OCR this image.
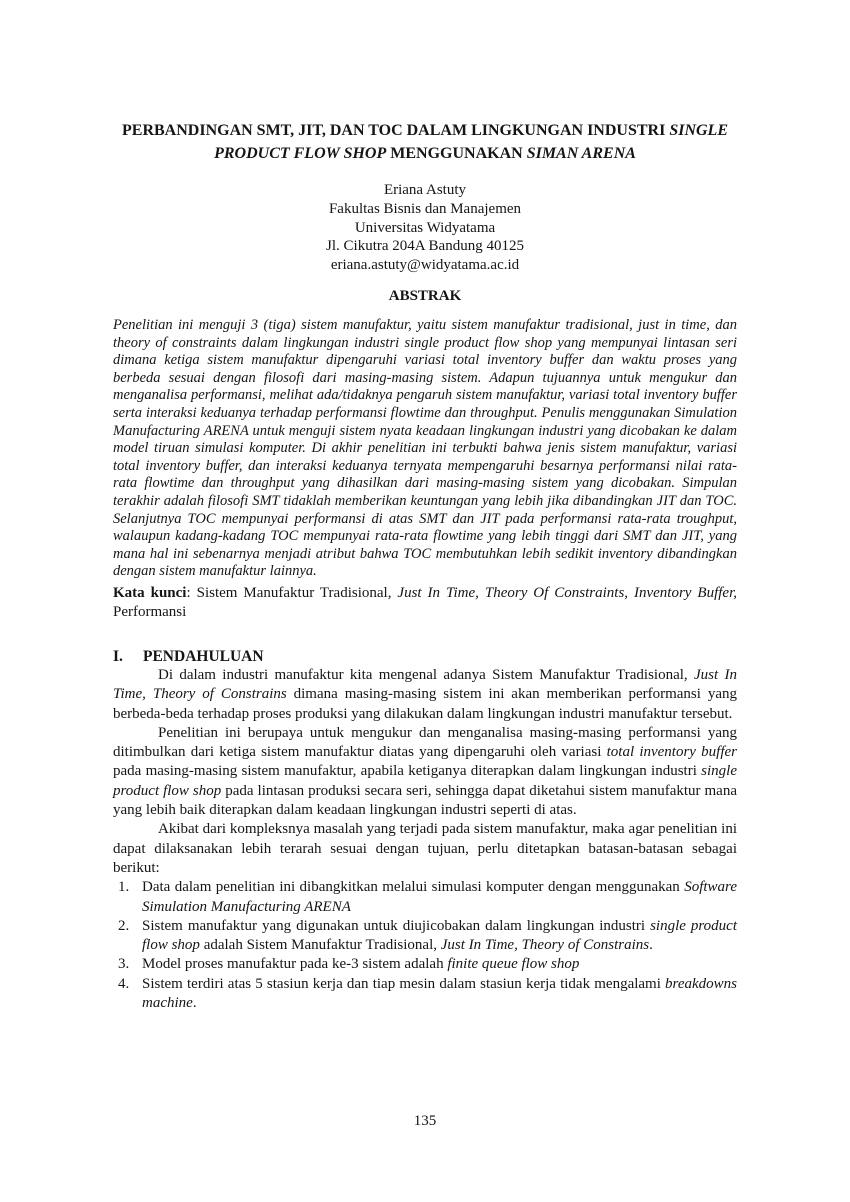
PERBANDINGAN SMT, JIT, DAN TOC DALAM LINGKUNGAN INDUSTRI SINGLE
PRODUCT FLOW SHOP MENGGUNAKAN SIMAN ARENA
Eriana Astuty
Fakultas Bisnis dan Manajemen
Universitas Widyatama
Jl. Cikutra 204A Bandung 40125
eriana.astuty@widyatama.ac.id
ABSTRAK
Penelitian ini menguji 3 (tiga) sistem manufaktur, yaitu sistem manufaktur tradisional, just in time, dan theory of constraints dalam lingkungan industri single product flow shop yang mempunyai lintasan seri dimana ketiga sistem manufaktur dipengaruhi variasi total inventory buffer dan waktu proses yang berbeda sesuai dengan filosofi dari masing-masing sistem. Adapun tujuannya untuk mengukur dan menganalisa performansi, melihat ada/tidaknya pengaruh sistem manufaktur, variasi total inventory buffer serta interaksi keduanya terhadap performansi flowtime dan throughput. Penulis menggunakan Simulation Manufacturing ARENA untuk menguji sistem nyata keadaan lingkungan industri yang dicobakan ke dalam model tiruan simulasi komputer. Di akhir penelitian ini terbukti bahwa jenis sistem manufaktur, variasi total inventory buffer, dan interaksi keduanya ternyata mempengaruhi besarnya performansi nilai rata-rata flowtime dan throughput yang dihasilkan dari masing-masing sistem yang dicobakan. Simpulan terakhir adalah filosofi SMT tidaklah memberikan keuntungan yang lebih jika dibandingkan JIT dan TOC. Selanjutnya TOC mempunyai performansi di atas SMT dan JIT pada performansi rata-rata troughput, walaupun kadang-kadang TOC mempunyai rata-rata flowtime yang lebih tinggi dari SMT dan JIT, yang mana hal ini sebenarnya menjadi atribut bahwa TOC membutuhkan lebih sedikit inventory dibandingkan dengan sistem manufaktur lainnya.
Kata kunci: Sistem Manufaktur Tradisional, Just In Time, Theory Of Constraints, Inventory Buffer, Performansi
I.	PENDAHULUAN

Di dalam industri manufaktur kita mengenal adanya Sistem Manufaktur Tradisional, Just In Time, Theory of Constrains dimana masing-masing sistem ini akan memberikan performansi yang berbeda-beda terhadap proses produksi yang dilakukan dalam lingkungan industri manufaktur tersebut.

Penelitian ini berupaya untuk mengukur dan menganalisa masing-masing performansi yang ditimbulkan dari ketiga sistem manufaktur diatas yang dipengaruhi oleh variasi total inventory buffer pada masing-masing sistem manufaktur, apabila ketiganya diterapkan dalam lingkungan industri single product flow shop pada lintasan produksi secara seri, sehingga dapat diketahui sistem manufaktur mana yang lebih baik diterapkan dalam keadaan lingkungan industri seperti di atas.

Akibat dari kompleksnya masalah yang terjadi pada sistem manufaktur, maka agar penelitian ini dapat dilaksanakan lebih terarah sesuai dengan tujuan, perlu ditetapkan batasan-batasan sebagai berikut:

1. Data dalam penelitian ini dibangkitkan melalui simulasi komputer dengan menggunakan Software Simulation Manufacturing ARENA
2. Sistem manufaktur yang digunakan untuk diujicobakan dalam lingkungan industri single product flow shop adalah Sistem Manufaktur Tradisional, Just In Time, Theory of Constrains.
3. Model proses manufaktur pada ke-3 sistem adalah finite queue flow shop
4. Sistem terdiri atas 5 stasiun kerja dan tiap mesin dalam stasiun kerja tidak mengalami breakdowns machine.
135
